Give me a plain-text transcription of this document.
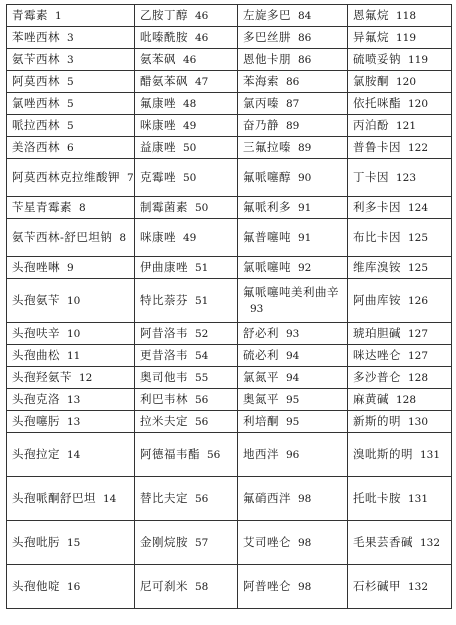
青霉素 1	乙胺丁醇 46	左旋多巴 84	恩氟烷 118
苯唑西林 3	吡嗪酰胺 46	多巴丝肼 86	异氟烷 119
氨苄西林 3	氨苯砜 46	恩他卡朋 86	硫喷妥钠 119
阿莫西林 5	醋氨苯砜 47	苯海索 86	氯胺酮 120
氯唑西林 5	氟康唑 48	氯丙嗪 87	依托咪酯 120
哌拉西林 5	咪康唑 49	奋乃静 89	丙泊酚 121
美洛西林 6	益康唑 50	三氟拉嗪 89	普鲁卡因 122
阿莫西林克拉维酸钾 7	克霉唑 50	氟哌噻醇 90	丁卡因 123
苄星青霉素 8	制霉菌素 50	氟哌利多 91	利多卡因 124
氨苄西林-舒巴坦钠 8	咪康唑 49	氟普噻吨 91	布比卡因 125
头孢唑啉 9	伊曲康唑 51	氯哌噻吨 92	维库溴铵 125
头孢氨苄 10	特比萘芬 51	氟哌噻吨美利曲辛93	阿曲库铵 126
头孢呋辛 10	阿昔洛韦 52	舒必利 93	琥珀胆碱 127
头孢曲松 11	更昔洛韦 54	硫必利 94	咪达唑仑 127
头孢羟氨苄 12	奥司他韦 55	氯氮平 94	多沙普仑 128
头孢克洛 13	利巴韦林 56	奥氮平 95	麻黄碱 128
头孢噻肟 13	拉米夫定 56	利培酮 95	新斯的明 130
头孢拉定 14	阿德福韦酯 56	地西泮 96	溴吡斯的明 131
头孢哌酮舒巴坦 14	替比夫定 56	氟硝西泮 98	托吡卡胺 131
头孢吡肟 15	金刚烷胺 57	艾司唑仑 98	毛果芸香碱 132
头孢他啶 16	尼可刹米 58	阿普唑仑 98	石杉碱甲 132
